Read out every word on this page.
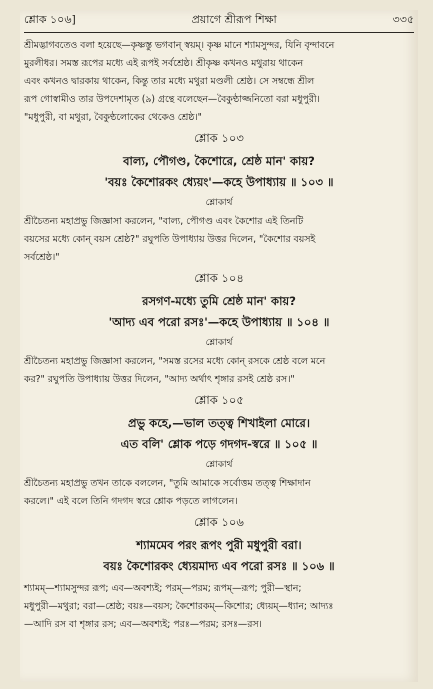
শ্লোক ১০৬]	প্রয়াগে শ্রীরূপ শিক্ষা	৩৩৫

শ্রীমদ্ভাগবতেও বলা হয়েছে—কৃষ্ণস্তু ভগবান্ স্বয়ম্। কৃষ্ণ মানে শ্যামসুন্দর, যিনি বৃন্দাবনে

মুরলীধর। সমস্ত রূপের মধ্যে এই রূপই সর্বশ্রেষ্ঠ। শ্রীকৃষ্ণ কখনও মথুরায় থাকেন

এবং কখনও দ্বারকায় থাকেন, কিন্তু তার মধ্যে মথুরা মণ্ডলী শ্রেষ্ঠ। সে সম্বন্ধে শ্রীল

রূপ গোস্বামীও তার উপদেশামৃত (৯) গ্রন্থে বলেছেন—বৈকুণ্ঠাজ্জনিতো বরা মধুপুরী।

"মধুপুরী, বা মথুরা, বৈকুণ্ঠলোকের থেকেও শ্রেষ্ঠ।"

শ্লোক ১০৩
বাল্য, পৌগণ্ড, কৈশোরে, শ্রেষ্ঠ মান' কায়?
'বয়ঃ কৈশোরকং ধ্যেয়ং'—কহে উপাধ্যায় ॥ ১০৩ ॥
শ্লোকার্থ

শ্রীচৈতন্য মহাপ্রভু জিজ্ঞাসা করলেন, "বাল্য, পৌগণ্ড এবং কৈশোর এই তিনটি

বয়সের মধ্যে কোন্ বয়স শ্রেষ্ঠ?" রঘুপতি উপাধ্যায় উত্তর দিলেন, "কৈশোর বয়সই

সর্বশ্রেষ্ঠ।"

শ্লোক ১০৪
রসগণ-মধ্যে তুমি শ্রেষ্ঠ মান' কায়?
'আদ্য এব পরো রসঃ'—কহে উপাধ্যায় ॥ ১০৪ ॥
শ্লোকার্থ

শ্রীচৈতন্য মহাপ্রভু জিজ্ঞাসা করলেন, "সমস্ত রসের মধ্যে কোন্ রসকে শ্রেষ্ঠ বলে মনে

কর?" রঘুপতি উপাধ্যায় উত্তর দিলেন, "আদ্য অর্থাৎ শৃঙ্গার রসই শ্রেষ্ঠ রস।"

শ্লোক ১০৫
প্রভু কহে,—ভাল তত্ত্ব শিখাইলা মোরে।
এত বলি' শ্লোক পড়ে গদগদ-স্বরে ॥ ১০৫ ॥
শ্লোকার্থ

শ্রীচৈতন্য মহাপ্রভু তখন তাকে বললেন, "তুমি আমাকে সর্বোত্তম তত্ত্ব শিক্ষাদান

করলে।" এই বলে তিনি গদগদ স্বরে শ্লোক পড়তে লাগলেন।

শ্লোক ১০৬
শ্যামমেব পরং রূপং পুরী মধুপুরী বরা।
বয়ঃ কৈশোরকং ধ্যেয়মাদ্য এব পরো রসঃ ॥ ১০৬ ॥

শ্যামম্—শ্যামসুন্দর রূপ; এব—অবশ্যই; পরম্—পরম; রূপম্—রূপ; পুরী—স্থান;

মধুপুরী—মথুরা; বরা—শ্রেষ্ঠ; বয়ঃ—বয়স; কৈশোরকম্—কিশোর; ধ্যেয়ম্—ধ্যান; আদ্যঃ

—আদি রস বা শৃঙ্গার রস; এব—অবশ্যই; পরঃ—পরম; রসঃ—রস।
